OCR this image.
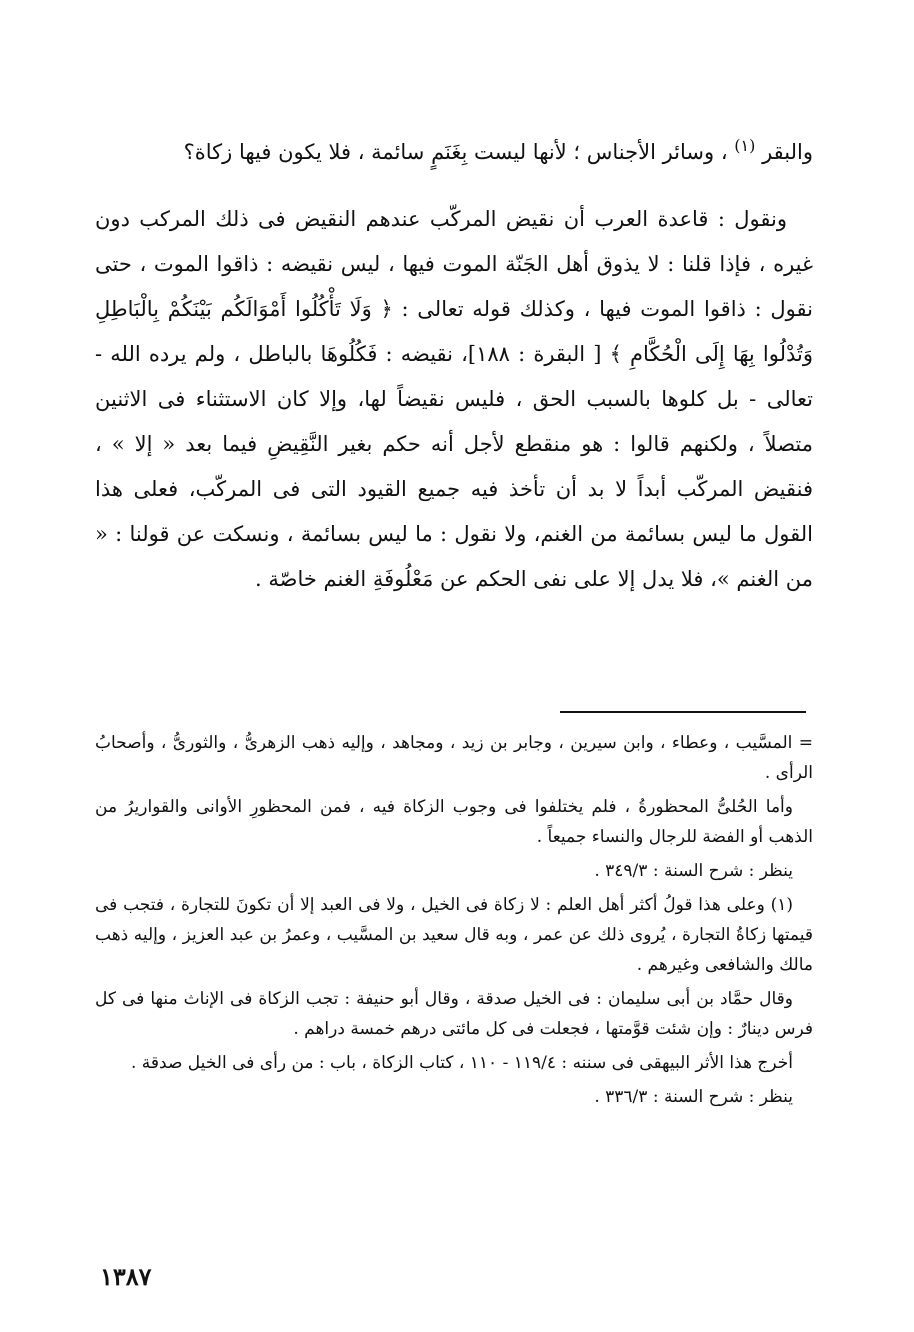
والبقر $^{(١)}$ ، وسائر الأجناس ؛ لأنها ليست بِغَنَمٍ سائمة ، فلا يكون فيها زكاة؟

ونقول : قاعدة العرب أن نقيض المركّب عندهم النقيض فى ذلك المركب دون غيره ، فإذا قلنا : لا يذوق أهل الجَنّة الموت فيها ، ليس نقيضه : ذاقوا الموت ، حتى نقول : ذاقوا الموت فيها ، وكذلك قوله تعالى : ﴿ وَلَا تَأْكُلُوا أَمْوَالَكُم بَيْنَكُمْ بِالْبَاطِلِ وَتُدْلُوا بِهَا إِلَى الْحُكَّامِ ﴾ [ البقرة : ١٨٨]، نقيضه : فَكُلُوهَا بالباطل ، ولم يرده الله - تعالى - بل كلوها بالسبب الحق ، فليس نقيضاً لها، وإلا كان الاستثناء فى الاثنين متصلاً ، ولكنهم قالوا : هو منقطع لأجل أنه حكم بغير النَّقِيضِ فيما بعد « إلا » ، فنقيض المركّب أبداً لا بد أن تأخذ فيه جميع القيود التى فى المركّب، فعلى هذا القول ما ليس بسائمة من الغنم، ولا نقول : ما ليس بسائمة ، ونسكت عن قولنا : « من الغنم »، فلا يدل إلا على نفى الحكم عن مَعْلُوفَةِ الغنم خاصّة .

= المسَّيب ، وعطاء ، وابن سيرين ، وجابر بن زيد ، ومجاهد ، وإليه ذهب الزهرىُّ ، والثورىُّ ، وأصحابُ الرأى .

وأما الحُلىُّ المحظورةُ ، فلم يختلفوا فى وجوب الزكاة فيه ، فمن المحظورِ الأوانى والقواريرُ من الذهب أو الفضة للرجال والنساء جميعاً .

ينظر : شرح السنة : ٣٤٩/٣ .

(١) وعلى هذا قولُ أكثر أهل العلم : لا زكاة فى الخيل ، ولا فى العبد إلا أن تكونَ للتجارة ، فتجب فى قيمتها زكاةُ التجارة ، يُروى ذلك عن عمر ، وبه قال سعيد بن المسَّيب ، وعمرُ بن عبد العزيز ، وإليه ذهب مالك والشافعى وغيرهم .

وقال حمَّاد بن أبى سليمان : فى الخيل صدقة ، وقال أبو حنيفة : تجب الزكاة فى الإناث منها فى كل فرس دينارٌ : وإن شئت قوَّمتها ، فجعلت فى كل مائتى درهم خمسة دراهم .

أخرج هذا الأثر البيهقى فى سننه : ١١٩/٤ - ١١٠ ، كتاب الزكاة ، باب : من رأى فى الخيل صدقة .

ينظر : شرح السنة : ٣٣٦/٣ .

١٣٨٧
